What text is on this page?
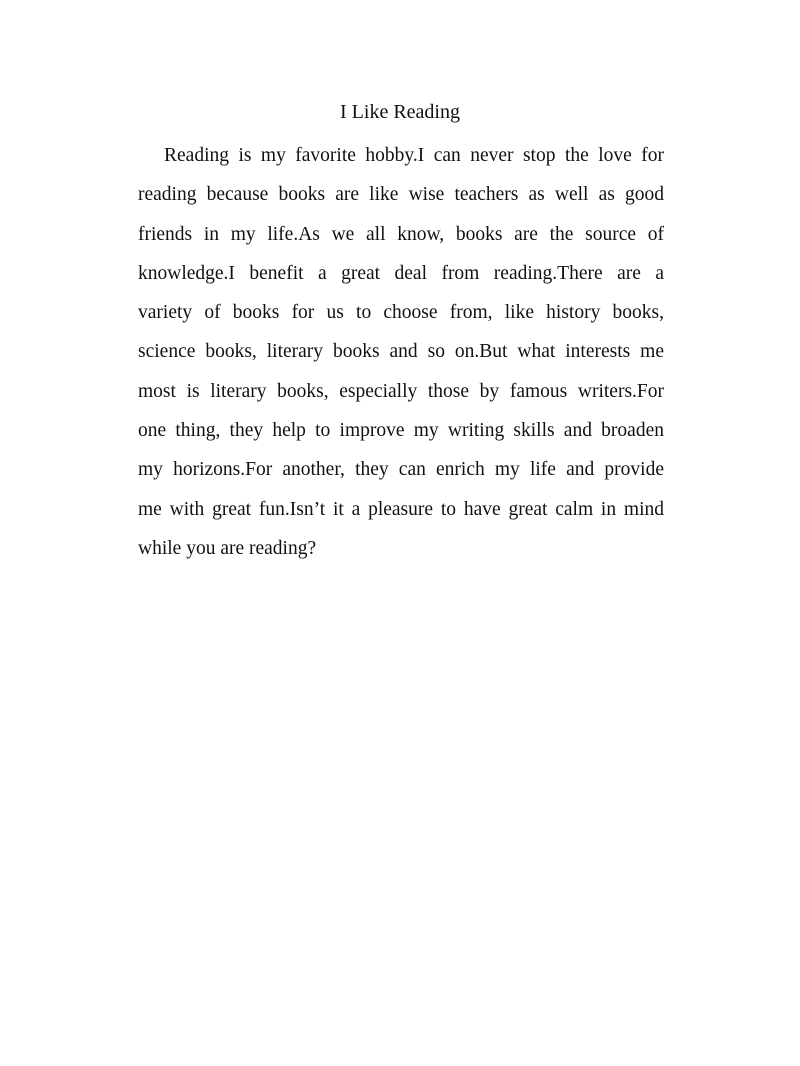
I Like Reading
Reading is my favorite hobby.I can never stop the love for
reading because books are like wise teachers as well as good
friends in my life.As we all know, books are the source of
knowledge.I benefit a great deal from reading.There are a
variety of books for us to choose from, like history books,
science books, literary books and so on.But what interests me
most is literary books, especially those by famous writers.For
one thing, they help to improve my writing skills and broaden
my horizons.For another, they can enrich my life and provide
me with great fun.Isn’t it a pleasure to have great calm in mind
while you are reading?
